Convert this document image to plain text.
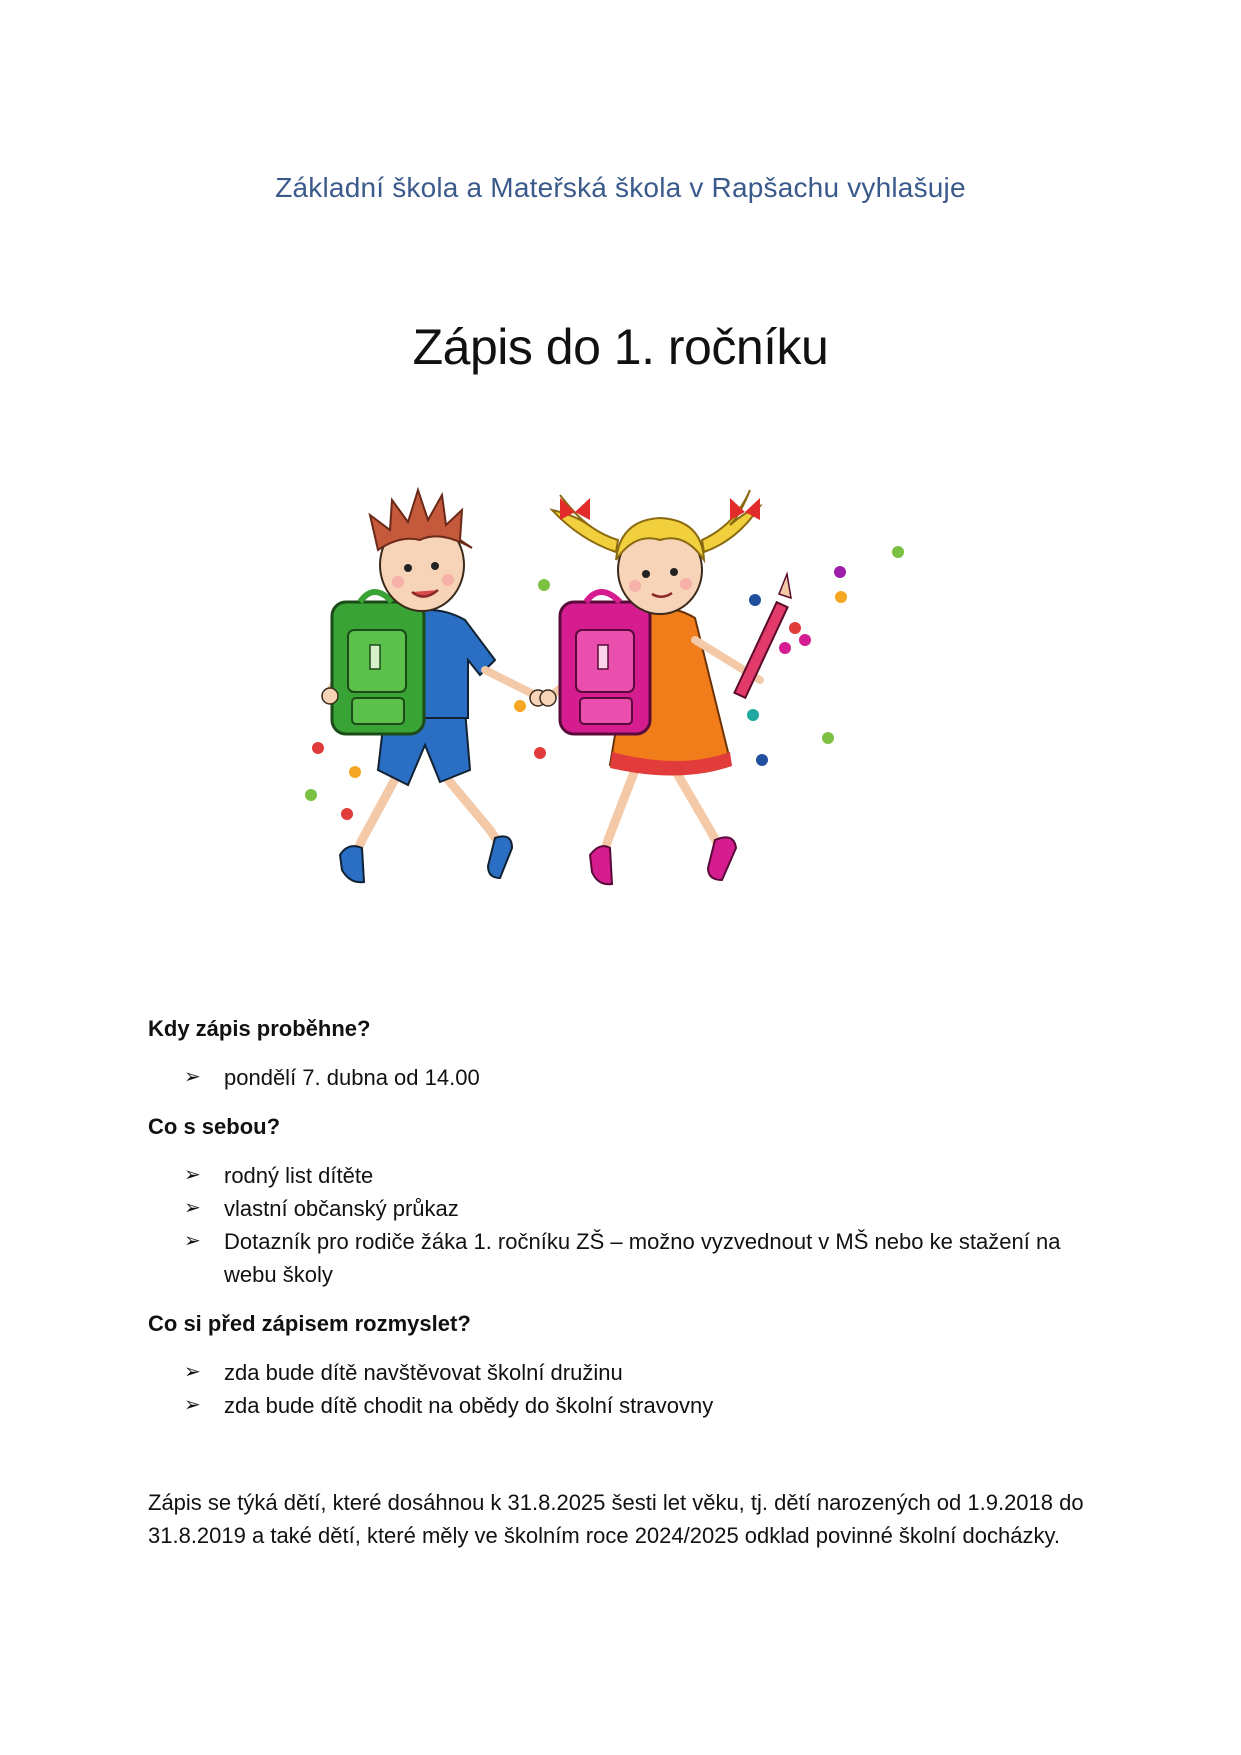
Základní škola a Mateřská škola v Rapšachu vyhlašuje
Zápis do 1. ročníku

Kdy zápis proběhne?

➢ pondělí 7. dubna od 14.00

Co s sebou?

➢ rodný list dítěte
➢ vlastní občanský průkaz
➢ Dotazník pro rodiče žáka 1. ročníku ZŠ – možno vyzvednout v MŠ nebo ke stažení na webu školy

Co si před zápisem rozmyslet?

➢ zda bude dítě navštěvovat školní družinu
➢ zda bude dítě chodit na obědy do školní stravovny

Zápis se týká dětí, které dosáhnou k 31.8.2025 šesti let věku, tj. dětí narozených od 1.9.2018 do 31.8.2019 a také dětí, které měly ve školním roce 2024/2025 odklad povinné školní docházky.
